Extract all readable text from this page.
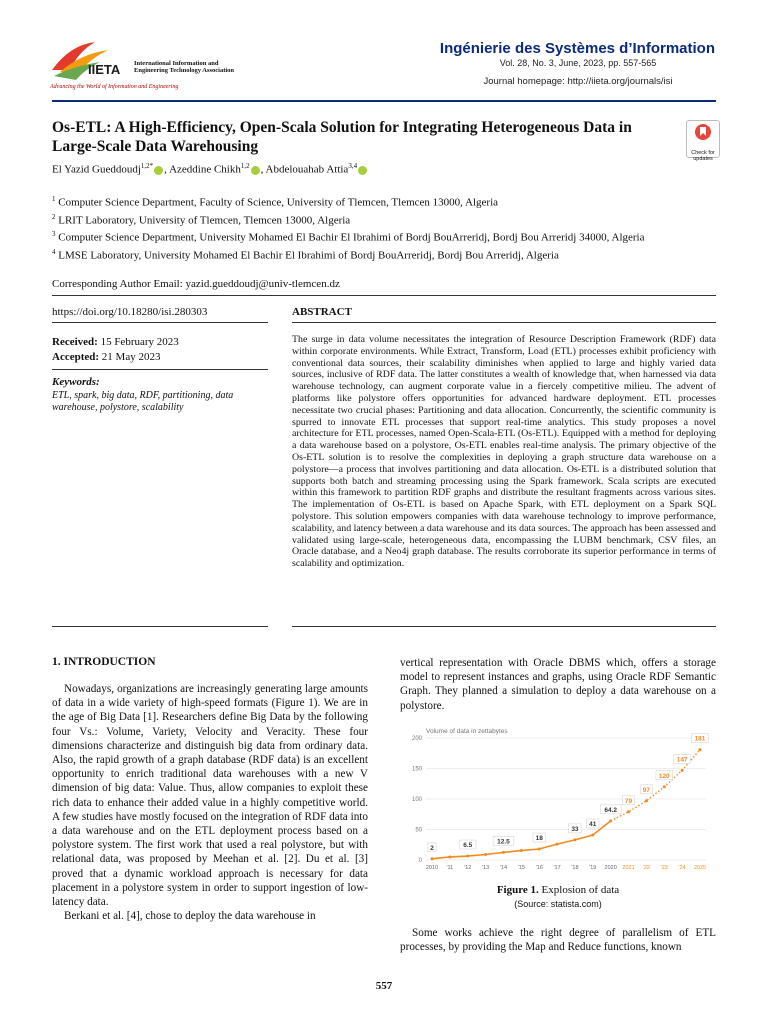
IIETA International Information and Engineering Technology Association
Advancing the World of Information and Engineering
Ingénierie des Systèmes d’Information
Vol. 28, No. 3, June, 2023, pp. 557-565
Journal homepage: http://iieta.org/journals/isi
Os-ETL: A High-Efficiency, Open-Scala Solution for Integrating Heterogeneous Data in Large-Scale Data Warehousing	Check for updates
El Yazid Gueddoudj$^{1,2*}$ , Azeddine Chikh$^{1,2}$ , Abdelouahab Attia$^{3,4}$
$^1$ Computer Science Department, Faculty of Science, University of Tlemcen, Tlemcen 13000, Algeria
$^2$ LRIT Laboratory, University of Tlemcen, Tlemcen 13000, Algeria
$^3$ Computer Science Department, University Mohamed El Bachir El Ibrahimi of Bordj BouArreridj, Bordj Bou Arreridj 34000, Algeria
$^4$ LMSE Laboratory, University Mohamed El Bachir El Ibrahimi of Bordj BouArreridj, Bordj Bou Arreridj, Algeria
Corresponding Author Email: yazid.gueddoudj@univ-tlemcen.dz
https://doi.org/10.18280/isi.280303	ABSTRACT
Received: 15 February 2023
Accepted: 21 May 2023
Keywords:
ETL, spark, big data, RDF, partitioning, data warehouse, polystore, scalability
The surge in data volume necessitates the integration of Resource Description Framework (RDF) data within corporate environments. While Extract, Transform, Load (ETL) processes exhibit proficiency with conventional data sources, their scalability diminishes when applied to large and highly varied data sources, inclusive of RDF data. The latter constitutes a wealth of knowledge that, when harnessed via data warehouse technology, can augment corporate value in a fiercely competitive milieu. The advent of platforms like polystore offers opportunities for advanced hardware deployment. ETL processes necessitate two crucial phases: Partitioning and data allocation. Concurrently, the scientific community is spurred to innovate ETL processes that support real-time analytics. This study proposes a novel architecture for ETL processes, named Open-Scala-ETL (Os-ETL). Equipped with a method for deploying a data warehouse based on a polystore, Os-ETL enables real-time analysis. The primary objective of the Os-ETL solution is to resolve the complexities in deploying a graph structure data warehouse on a polystore—a process that involves partitioning and data allocation. Os-ETL is a distributed solution that supports both batch and streaming processing using the Spark framework. Scala scripts are executed within this framework to partition RDF graphs and distribute the resultant fragments across various sites. The implementation of Os-ETL is based on Apache Spark, with ETL deployment on a Spark SQL polystore. This solution empowers companies with data warehouse technology to improve performance, scalability, and latency between a data warehouse and its data sources. The approach has been assessed and validated using large-scale, heterogeneous data, encompassing the LUBM benchmark, CSV files, an Oracle database, and a Neo4j graph database. The results corroborate its superior performance in terms of scalability and optimization.
1. INTRODUCTION

Nowadays, organizations are increasingly generating large amounts of data in a wide variety of high-speed formats (Figure 1). We are in the age of Big Data [1]. Researchers define Big Data by the following four Vs.: Volume, Variety, Velocity and Veracity. These four dimensions characterize and distinguish big data from ordinary data. Also, the rapid growth of a graph database (RDF data) is an excellent opportunity to enrich traditional data warehouses with a new V dimension of big data: Value. Thus, allow companies to exploit these rich data to enhance their added value in a highly competitive world. A few studies have mostly focused on the integration of RDF data into a data warehouse and on the ETL deployment process based on a polystore system. The first work that used a real polystore, but with relational data, was proposed by Meehan et al. [2]. Du et al. [3] proved that a dynamic workload approach is necessary for data placement in a polystore system in order to support ingestion of low-latency data.

Berkani et al. [4], chose to deploy the data warehouse in

vertical representation with Oracle DBMS which, offers a storage model to represent instances and graphs, using Oracle RDF Semantic Graph. They planned a simulation to deploy a data warehouse on a polystore.

Volume of data in zettabytes
0
50
100
150
200
2010 '11 '12 '13 '14 '15 '16 '17 '18 '19 2020 2021 '22 '23 '24 2025
2	6.5
12.5	18
33
41
64.2
79
97
120
147
181
Figure 1. Explosion of data
(Source: statista.com)

Some works achieve the right degree of parallelism of ETL processes, by providing the Map and Reduce functions, known

557
